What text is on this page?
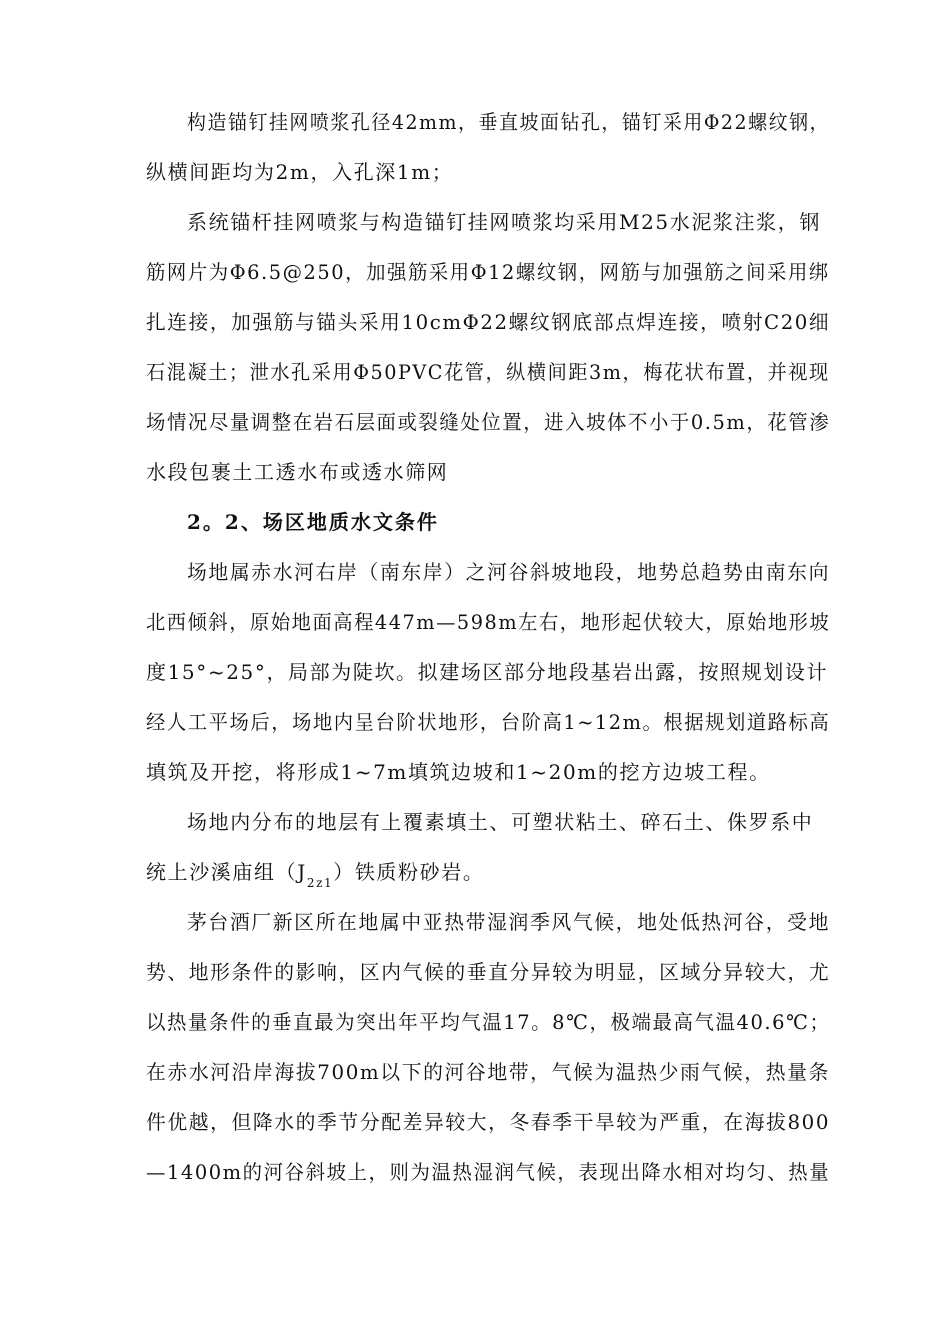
构造锚钉挂网喷浆孔径42mm，垂直坡面钻孔，锚钉采用Φ22螺纹钢，
纵横间距均为2m，入孔深1m；
系统锚杆挂网喷浆与构造锚钉挂网喷浆均采用M25水泥浆注浆，钢
筋网片为Φ6.5@250，加强筋采用Φ12螺纹钢，网筋与加强筋之间采用绑
扎连接，加强筋与锚头采用10cmΦ22螺纹钢底部点焊连接，喷射C20细
石混凝土；泄水孔采用Φ50PVC花管，纵横间距3m，梅花状布置，并视现
场情况尽量调整在岩石层面或裂缝处位置，进入坡体不小于0.5m，花管渗
水段包裹土工透水布或透水筛网
2。2、场区地质水文条件
场地属赤水河右岸（南东岸）之河谷斜坡地段，地势总趋势由南东向
北西倾斜，原始地面高程447m—598m左右，地形起伏较大，原始地形坡
度15°~25°，局部为陡坎。拟建场区部分地段基岩出露，按照规划设计
经人工平场后，场地内呈台阶状地形，台阶高1~12m。根据规划道路标高
填筑及开挖，将形成1~7m填筑边坡和1~20m的挖方边坡工程。
场地内分布的地层有上覆素填土、可塑状粘土、碎石土、侏罗系中
统上沙溪庙组$(J_{2z1})$铁质粉砂岩。
茅台酒厂新区所在地属中亚热带湿润季风气候，地处低热河谷，受地
势、地形条件的影响，区内气候的垂直分异较为明显，区域分异较大，尤
以热量条件的垂直最为突出年平均气温17。8℃，极端最高气温40.6℃；
在赤水河沿岸海拔700m以下的河谷地带，气候为温热少雨气候，热量条
件优越，但降水的季节分配差异较大，冬春季干旱较为严重，在海拔800
—1400m的河谷斜坡上，则为温热湿润气候，表现出降水相对均匀、热量
